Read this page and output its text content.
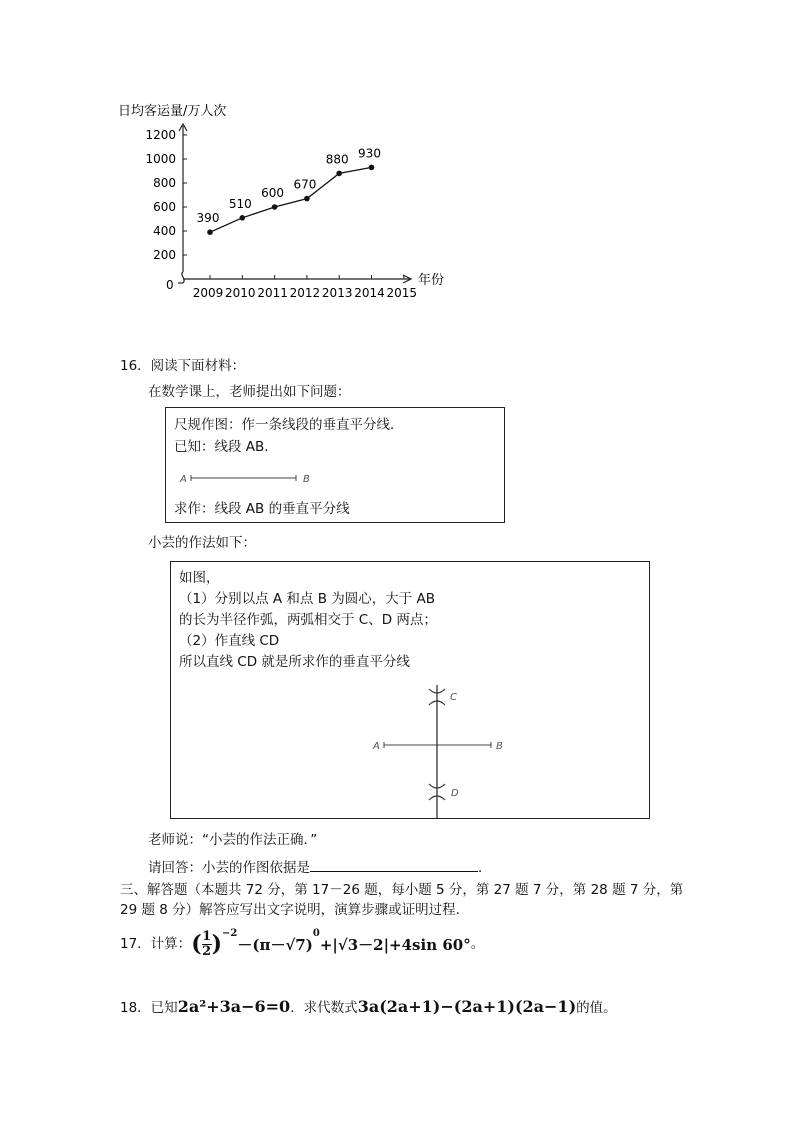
日均客运量/万人次
年份
0
200
400
600
800
1000
1200
2009 2010 2011 2012 2013 2014 2015
390
510
600
670
880 930
16．阅读下面材料：
在数学课上，老师提出如下问题：
尺规作图：作一条线段的垂直平分线．
已知：线段 AB．
A	B
求作：线段 AB 的垂直平分线
小芸的作法如下：
如图，
（1）分别以点 A 和点 B 为圆心，大于 AB
的长为半径作弧，两弧相交于 C、D 两点；
（2）作直线 CD
所以直线 CD 就是所求作的垂直平分线
A	B
C
D
老师说：“小芸的作法正确．”
请回答：小芸的作图依据是	．
三、解答题（本题共 72 分，第 17－26 题，每小题 5 分，第 27 题 7 分，第 28 题 7 分，第
29 题 8 分）解答应写出文字说明，演算步骤或证明过程．
17．计算： ( 1
2 )$^{-2}$
－(π－√7)
$^0$
+|√3－2|+4sin 60° 。
18．已知 2a²+3a−6=0 ．求代数式 3a(2a+1)−(2a+1)(2a−1) 的值。
